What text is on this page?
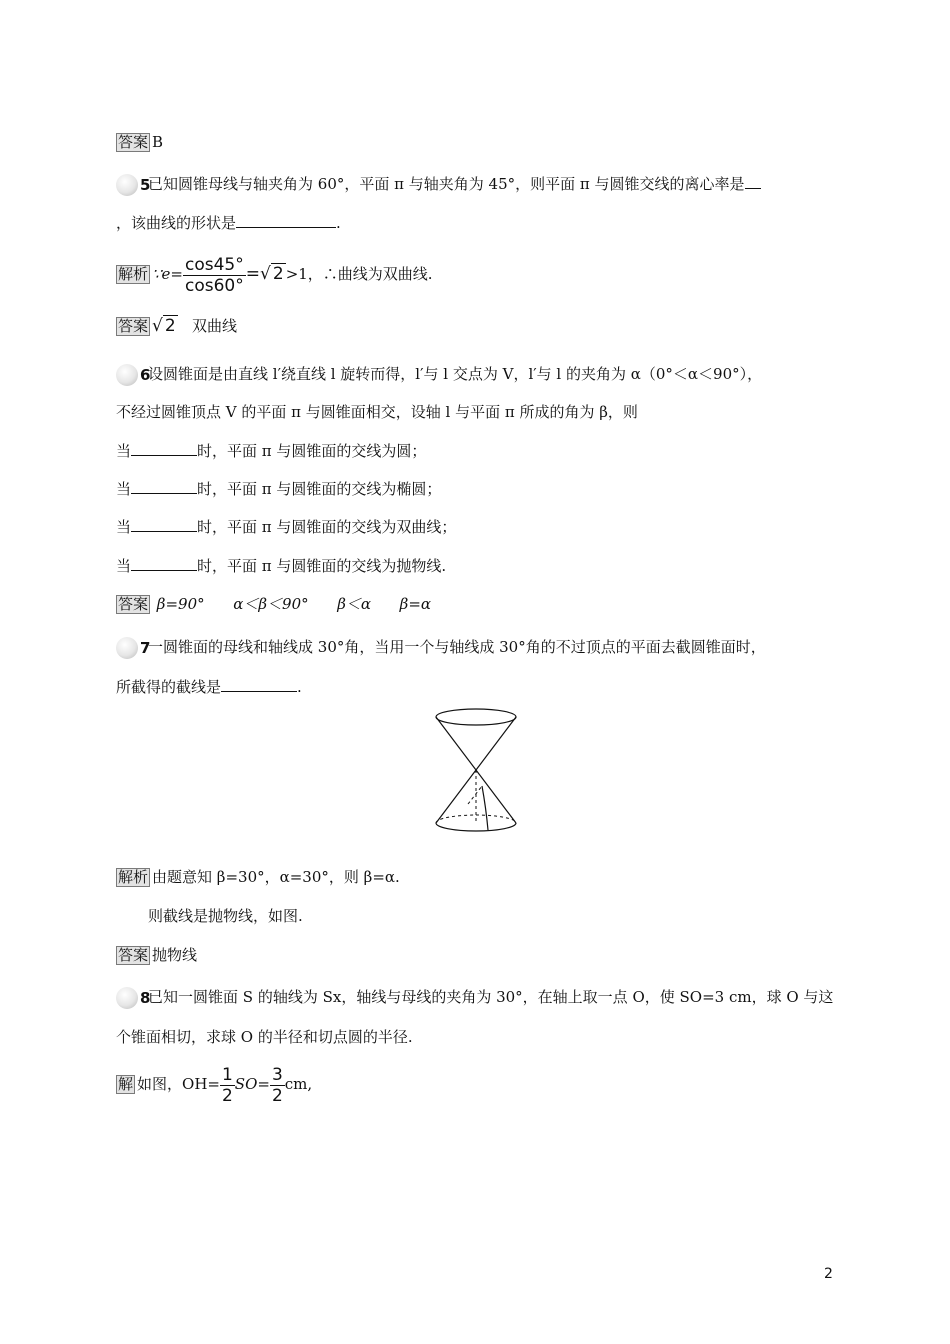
答案 B
5
已知圆锥母线与轴夹角为 60°，平面 π 与轴夹角为 45°，则平面 π 与圆锥交线的离心率是
，该曲线的形状是	.
解析 ∵e= $\frac{\cos 45^\circ}{\cos 60^\circ}$ =√ 2 >1，∴曲线为双曲线.
答案 √ 2 双曲线
6
设圆锥面是由直线 l′绕直线 l 旋转而得，l′与 l 交点为 V，l′与 l 的夹角为 α（0°＜α＜90°），
不经过圆锥顶点 V 的平面 π 与圆锥面相交，设轴 l 与平面 π 所成的角为 β，则
当	时，平面 π 与圆锥面的交线为圆；
当	时，平面 π 与圆锥面的交线为椭圆；
当	时，平面 π 与圆锥面的交线为双曲线；
当	时，平面 π 与圆锥面的交线为抛物线.
答案 β=90° α＜β＜90° β＜α β=α
7
一圆锥面的母线和轴线成 30°角，当用一个与轴线成 30°角的不过顶点的平面去截圆锥面时，
所截得的截线是	.
解析 由题意知 β=30°，α=30°，则 β=α.
则截线是抛物线，如图.
答案 抛物线
8
已知一圆锥面 S 的轴线为 Sx，轴线与母线的夹角为 30°，在轴上取一点 O，使 SO=3 cm，球 O 与这
个锥面相切，求球 O 的半径和切点圆的半径.
解 如图，$OH= \frac{1}{2} SO= \frac{3}{2}$ cm,
2
